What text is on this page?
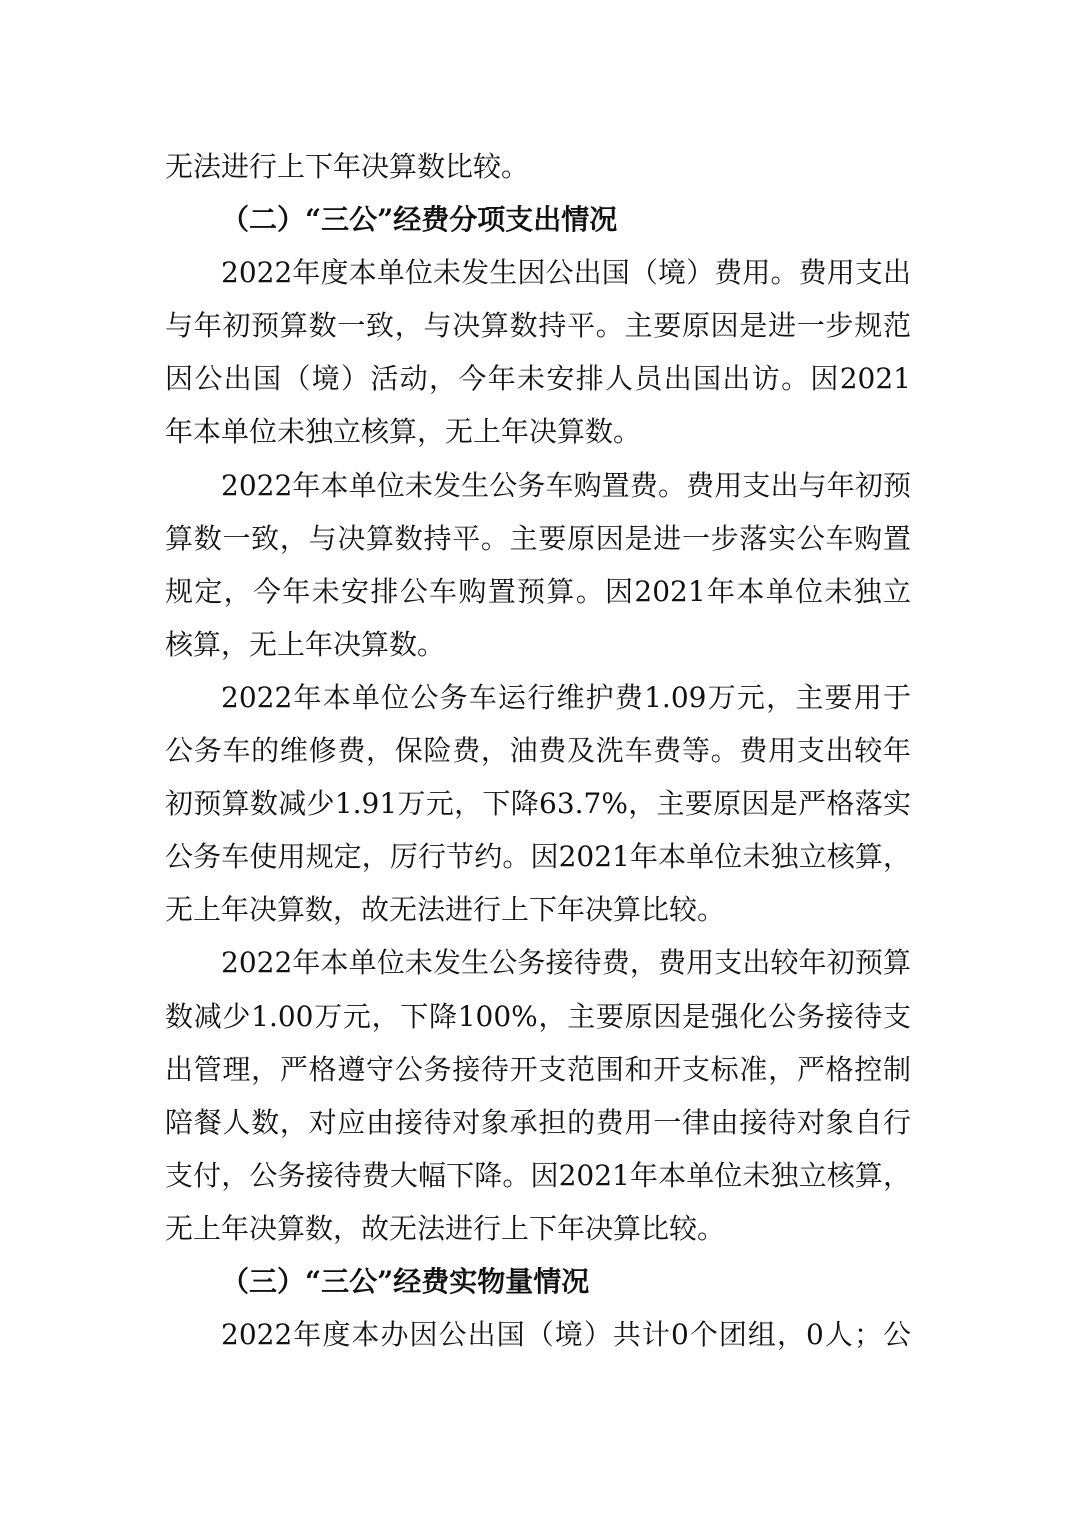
无法进行上下年决算数比较。
（二）“三公”经费分项支出情况
2022年度本单位未发生因公出国（境）费用。费用支出
与年初预算数一致，与决算数持平。主要原因是进一步规范
因公出国（境）活动，今年未安排人员出国出访。因2021
年本单位未独立核算，无上年决算数。
2022年本单位未发生公务车购置费。费用支出与年初预
算数一致，与决算数持平。主要原因是进一步落实公车购置
规定，今年未安排公车购置预算。因2021年本单位未独立
核算，无上年决算数。
2022年本单位公务车运行维护费1.09万元，主要用于
公务车的维修费，保险费，油费及洗车费等。费用支出较年
初预算数减少1.91万元，下降63.7%，主要原因是严格落实
公务车使用规定，厉行节约。因2021年本单位未独立核算，
无上年决算数，故无法进行上下年决算比较。
2022年本单位未发生公务接待费，费用支出较年初预算
数减少1.00万元，下降100%，主要原因是强化公务接待支
出管理，严格遵守公务接待开支范围和开支标准，严格控制
陪餐人数，对应由接待对象承担的费用一律由接待对象自行
支付，公务接待费大幅下降。因2021年本单位未独立核算，
无上年决算数，故无法进行上下年决算比较。
（三）“三公”经费实物量情况
2022年度本办因公出国（境）共计0个团组，0人；公
